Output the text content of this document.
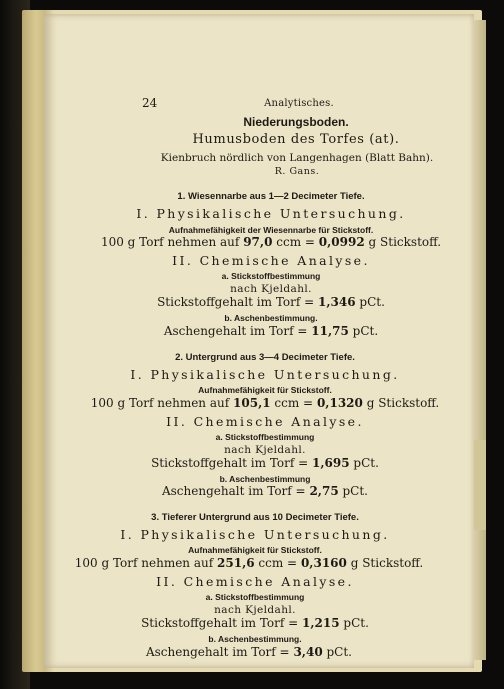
24	Analytisches.
Niederungsboden.
Humusboden des Torfes (at).
Kienbruch nördlich von Langenhagen (Blatt Bahn).
R. Gans.
1. Wiesennarbe aus 1—2 Decimeter Tiefe.
I. Physikalische Untersuchung.
Aufnahmefähigkeit der Wiesennarbe für Stickstoff.
100 g Torf nehmen auf 97,0 ccm = 0,0992 g Stickstoff.
II. Chemische Analyse.
a. Stickstoffbestimmung
nach Kjeldahl.
Stickstoffgehalt im Torf = 1,346 pCt.
b. Aschenbestimmung.
Aschengehalt im Torf = 11,75 pCt.
2. Untergrund aus 3—4 Decimeter Tiefe.
I. Physikalische Untersuchung.
Aufnahmefähigkeit für Stickstoff.
100 g Torf nehmen auf 105,1 ccm = 0,1320 g Stickstoff.
II. Chemische Analyse.
a. Stickstoffbestimmung
nach Kjeldahl.
Stickstoffgehalt im Torf = 1,695 pCt.
b. Aschenbestimmung
Aschengehalt im Torf = 2,75 pCt.
3. Tieferer Untergrund aus 10 Decimeter Tiefe.
I. Physikalische Untersuchung.
Aufnahmefähigkeit für Stickstoff.
100 g Torf nehmen auf 251,6 ccm = 0,3160 g Stickstoff.
II. Chemische Analyse.
a. Stickstoffbestimmung
nach Kjeldahl.
Stickstoffgehalt im Torf = 1,215 pCt.
b. Aschenbestimmung.
Aschengehalt im Torf = 3,40 pCt.
